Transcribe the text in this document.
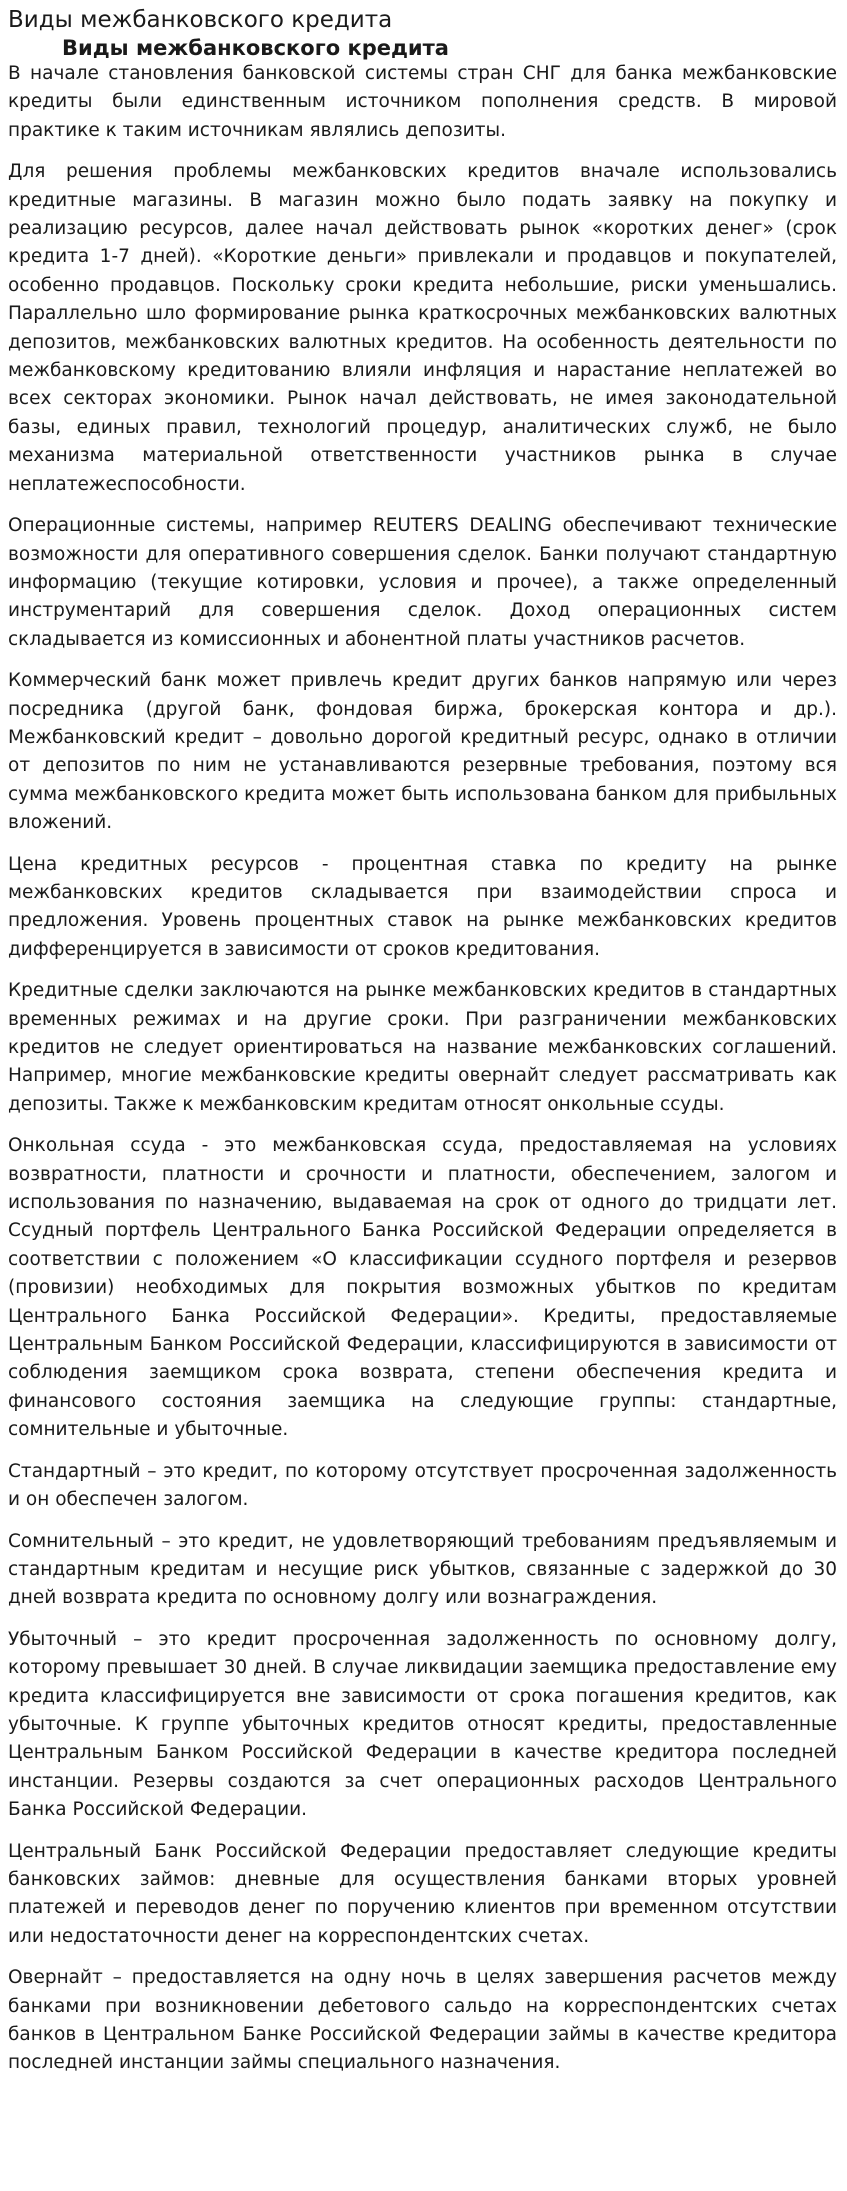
Виды межбанковского кредита
Виды межбанковского кредита

В начале становления банковской системы стран СНГ для банка межбанковские кредиты были единственным источником пополнения средств. В мировой практике к таким источникам являлись депозиты.

Для решения проблемы межбанковских кредитов вначале использовались кредитные магазины. В магазин можно было подать заявку на покупку и реализацию ресурсов, далее начал действовать рынок «коротких денег» (срок кредита 1-7 дней). «Короткие деньги» привлекали и продавцов и покупателей, особенно продавцов. Поскольку сроки кредита небольшие, риски уменьшались. Параллельно шло формирование рынка краткосрочных межбанковских валютных депозитов, межбанковских валютных кредитов. На особенность деятельности по межбанковскому кредитованию влияли инфляция и нарастание неплатежей во всех секторах экономики. Рынок начал действовать, не имея законодательной базы, единых правил, технологий процедур, аналитических служб, не было механизма материальной ответственности участников рынка в случае неплатежеспособности.

Операционные системы, например REUTERS DEALING обеспечивают технические возможности для оперативного совершения сделок. Банки получают стандартную информацию (текущие котировки, условия и прочее), а также определенный инструментарий для совершения сделок. Доход операционных систем складывается из комиссионных и абонентной платы участников расчетов.

Коммерческий банк может привлечь кредит других банков напрямую или через посредника (другой банк, фондовая биржа, брокерская контора и др.). Межбанковский кредит – довольно дорогой кредитный ресурс, однако в отличии от депозитов по ним не устанавливаются резервные требования, поэтому вся сумма межбанковского кредита может быть использована банком для прибыльных вложений.

Цена кредитных ресурсов - процентная ставка по кредиту на рынке межбанковских кредитов складывается при взаимодействии спроса и предложения. Уровень процентных ставок на рынке межбанковских кредитов дифференцируется в зависимости от сроков кредитования.

Кредитные сделки заключаются на рынке межбанковских кредитов в стандартных временных режимах и на другие сроки. При разграничении межбанковских кредитов не следует ориентироваться на название межбанковских соглашений. Например, многие межбанковские кредиты овернайт следует рассматривать как депозиты. Также к межбанковским кредитам относят онкольные ссуды.

Онкольная ссуда - это межбанковская ссуда, предоставляемая на условиях возвратности, платности и срочности и платности, обеспечением, залогом и использования по назначению, выдаваемая на срок от одного до тридцати лет. Ссудный портфель Центрального Банка Российской Федерации определяется в соответствии с положением «О классификации ссудного портфеля и резервов (провизии) необходимых для покрытия возможных убытков по кредитам Центрального Банка Российской Федерации». Кредиты, предоставляемые Центральным Банком Российской Федерации, классифицируются в зависимости от соблюдения заемщиком срока возврата, степени обеспечения кредита и финансового состояния заемщика на следующие группы: стандартные, сомнительные и убыточные.

Стандартный – это кредит, по которому отсутствует просроченная задолженность и он обеспечен залогом.

Сомнительный – это кредит, не удовлетворяющий требованиям предъявляемым и стандартным кредитам и несущие риск убытков, связанные с задержкой до 30 дней возврата кредита по основному долгу или вознаграждения.

Убыточный – это кредит просроченная задолженность по основному долгу, которому превышает 30 дней. В случае ликвидации заемщика предоставление ему кредита классифицируется вне зависимости от срока погашения кредитов, как убыточные. К группе убыточных кредитов относят кредиты, предоставленные Центральным Банком Российской Федерации в качестве кредитора последней инстанции. Резервы создаются за счет операционных расходов Центрального Банка Российской Федерации.

Центральный Банк Российской Федерации предоставляет следующие кредиты банковских займов: дневные для осуществления банками вторых уровней платежей и переводов денег по поручению клиентов при временном отсутствии или недостаточности денег на корреспондентских счетах.

Овернайт – предоставляется на одну ночь в целях завершения расчетов между банками при возникновении дебетового сальдо на корреспондентских счетах банков в Центральном Банке Российской Федерации займы в качестве кредитора последней инстанции займы специального назначения.
